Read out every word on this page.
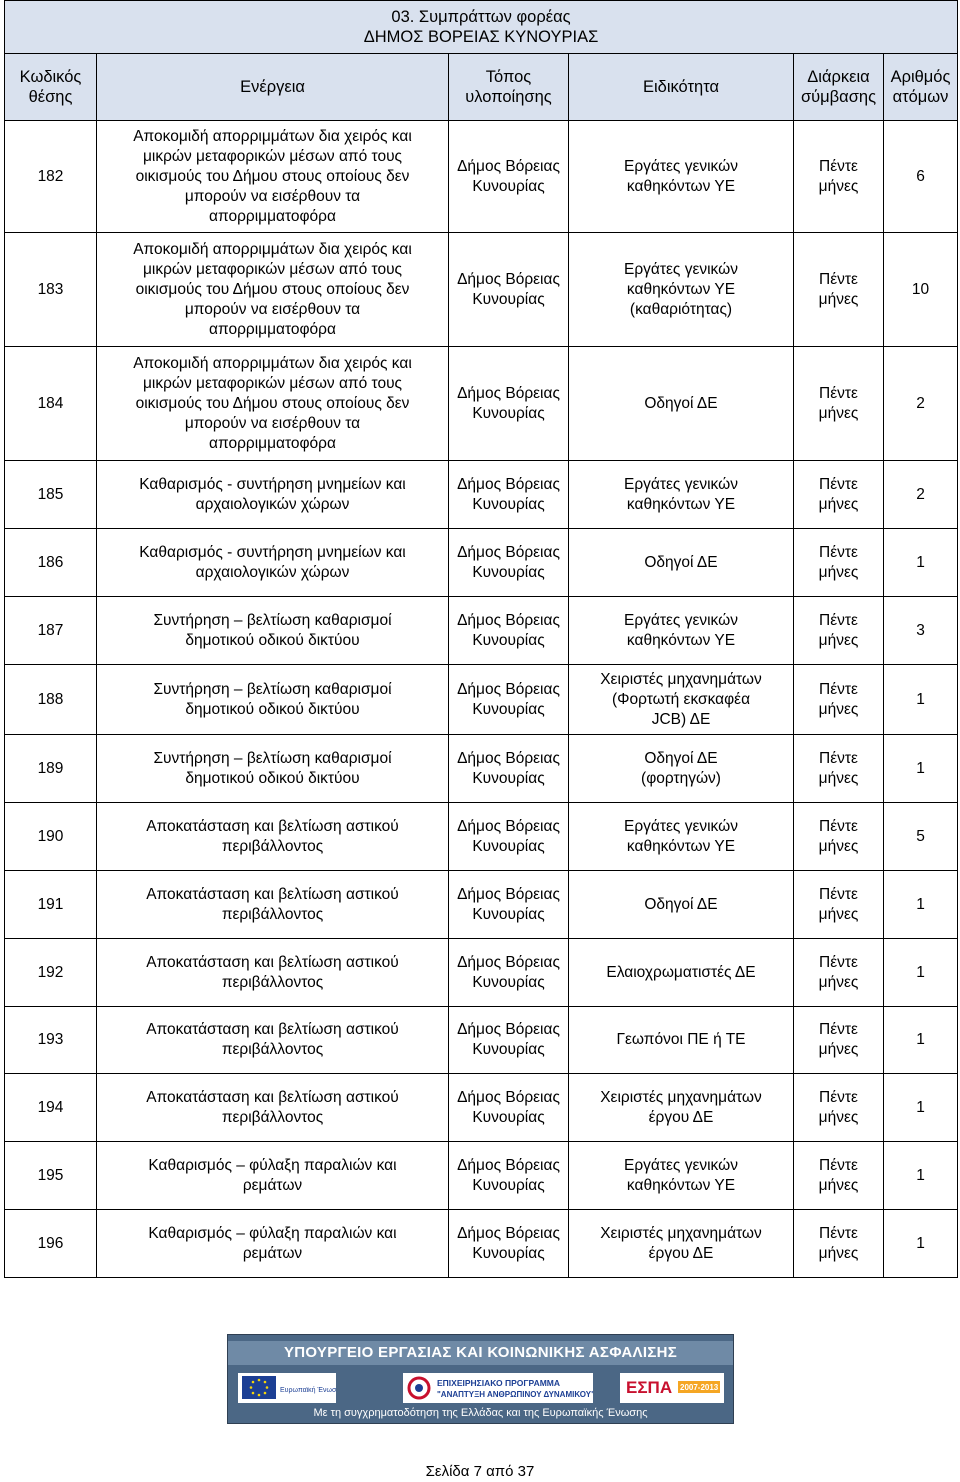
03. Συμπράττων φορέας
ΔΗΜΟΣ ΒΟΡΕΙΑΣ ΚΥΝΟΥΡΙΑΣ					

Κωδικός
θέσης	Ενέργεια	Τόπος
υλοποίησης	Ειδικότητα	Διάρκεια
σύμβασης	Αριθμός
ατόμων
182	Αποκομιδή απορριμμάτων δια χειρός και
μικρών μεταφορικών μέσων από τους
οικισμούς του Δήμου στους οποίους δεν
μπορούν να εισέρθουν τα
απορριμματοφόρα	Δήμος Βόρειας
Κυνουρίας	Εργάτες γενικών
καθηκόντων ΥΕ	Πέντε μήνες	6
183	Αποκομιδή απορριμμάτων δια χειρός και
μικρών μεταφορικών μέσων από τους
οικισμούς του Δήμου στους οποίους δεν
μπορούν να εισέρθουν τα
απορριμματοφόρα	Δήμος Βόρειας
Κυνουρίας	Εργάτες γενικών
καθηκόντων ΥΕ
(καθαριότητας)	Πέντε μήνες	10
184	Αποκομιδή απορριμμάτων δια χειρός και
μικρών μεταφορικών μέσων από τους
οικισμούς του Δήμου στους οποίους δεν
μπορούν να εισέρθουν τα
απορριμματοφόρα	Δήμος Βόρειας
Κυνουρίας	Οδηγοί ΔΕ	Πέντε μήνες	2
185	Καθαρισμός - συντήρηση μνημείων και
αρχαιολογικών χώρων	Δήμος Βόρειας
Κυνουρίας	Εργάτες γενικών
καθηκόντων ΥΕ	Πέντε μήνες	2
186	Καθαρισμός - συντήρηση μνημείων και
αρχαιολογικών χώρων	Δήμος Βόρειας
Κυνουρίας	Οδηγοί ΔΕ	Πέντε μήνες	1
187	Συντήρηση – βελτίωση καθαρισμοί
δημοτικού οδικού δικτύου	Δήμος Βόρειας
Κυνουρίας	Εργάτες γενικών
καθηκόντων ΥΕ	Πέντε μήνες	3
188	Συντήρηση – βελτίωση καθαρισμοί
δημοτικού οδικού δικτύου	Δήμος Βόρειας
Κυνουρίας	Χειριστές μηχανημάτων
(Φορτωτή εκσκαφέα
JCB) ΔΕ	Πέντε μήνες	1
189	Συντήρηση – βελτίωση καθαρισμοί
δημοτικού οδικού δικτύου	Δήμος Βόρειας
Κυνουρίας	Οδηγοί ΔΕ
(φορτηγών)	Πέντε μήνες	1
190	Αποκατάσταση και βελτίωση αστικού
περιβάλλοντος	Δήμος Βόρειας
Κυνουρίας	Εργάτες γενικών
καθηκόντων ΥΕ	Πέντε μήνες	5
191	Αποκατάσταση και βελτίωση αστικού
περιβάλλοντος	Δήμος Βόρειας
Κυνουρίας	Οδηγοί ΔΕ	Πέντε μήνες	1
192	Αποκατάσταση και βελτίωση αστικού
περιβάλλοντος	Δήμος Βόρειας
Κυνουρίας	Ελαιοχρωματιστές ΔΕ	Πέντε μήνες	1
193	Αποκατάσταση και βελτίωση αστικού
περιβάλλοντος	Δήμος Βόρειας
Κυνουρίας	Γεωπόνοι ΠΕ ή ΤΕ	Πέντε μήνες	1
194	Αποκατάσταση και βελτίωση αστικού
περιβάλλοντος	Δήμος Βόρειας
Κυνουρίας	Χειριστές μηχανημάτων
έργου ΔΕ	Πέντε μήνες	1
195	Καθαρισμός – φύλαξη παραλιών και
ρεμάτων	Δήμος Βόρειας
Κυνουρίας	Εργάτες γενικών
καθηκόντων ΥΕ	Πέντε μήνες	1
196	Καθαρισμός – φύλαξη παραλιών και
ρεμάτων	Δήμος Βόρειας
Κυνουρίας	Χειριστές μηχανημάτων
έργου ΔΕ	Πέντε μήνες	1
ΥΠΟΥΡΓΕΙΟ ΕΡΓΑΣΙΑΣ ΚΑΙ ΚΟΙΝΩΝΙΚΗΣ ΑΣΦΑΛΙΣΗΣ
Ευρωπαϊκή Ένωση
ΕΠΙΧΕΙΡΗΣΙΑΚΟ ΠΡΟΓΡΑΜΜΑ
"ΑΝΑΠΤΥΞΗ ΑΝΘΡΩΠΙΝΟΥ ΔΥΝΑΜΙΚΟΥ" ΕΣΠΑ 2007-2013
Με τη συγχρηματοδότηση της Ελλάδας και της Ευρωπαϊκής Ένωσης
Σελίδα 7 από 37
